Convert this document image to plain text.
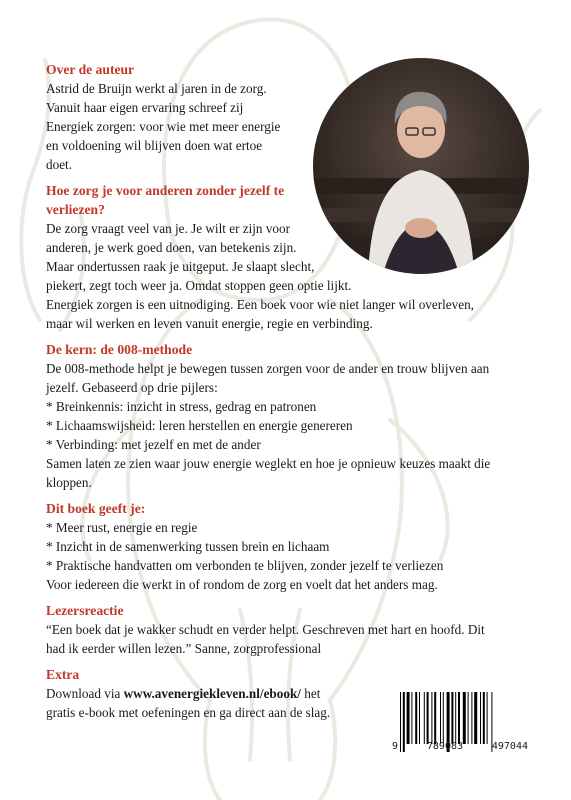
Over de auteur

Astrid de Bruijn werkt al jaren in de zorg.

Vanuit haar eigen ervaring schreef zij

Energiek zorgen: voor wie met meer energie

en voldoening wil blijven doen wat ertoe

doet.

Hoe zorg je voor anderen zonder jezelf te
verliezen?

De zorg vraagt veel van je. Je wilt er zijn voor

anderen, je werk goed doen, van betekenis zijn.

Maar ondertussen raak je uitgeput. Je slaapt slecht,

piekert, zegt toch weer ja. Omdat stoppen geen optie lijkt.

Energiek zorgen is een uitnodiging. Een boek voor wie niet langer wil overleven,

maar wil werken en leven vanuit energie, regie en verbinding.

De kern: de 008-methode

De 008-methode helpt je bewegen tussen zorgen voor de ander en trouw blijven aan

jezelf. Gebaseerd op drie pijlers:

* Breinkennis: inzicht in stress, gedrag en patronen

* Lichaamswijsheid: leren herstellen en energie genereren

* Verbinding: met jezelf en met de ander

Samen laten ze zien waar jouw energie weglekt en hoe je opnieuw keuzes maakt die

kloppen.

Dit boek geeft je:

* Meer rust, energie en regie

* Inzicht in de samenwerking tussen brein en lichaam

* Praktische handvatten om verbonden te blijven, zonder jezelf te verliezen

Voor iedereen die werkt in of rondom de zorg en voelt dat het anders mag.

Lezersreactie

“Een boek dat je wakker schudt en verder helpt. Geschreven met hart en hoofd. Dit

had ik eerder willen lezen.” Sanne, zorgprofessional

Extra

Download via www.avenergiekleven.nl/ebook/ het

gratis e-book met oefeningen en ga direct aan de slag.

9	789083	497044
